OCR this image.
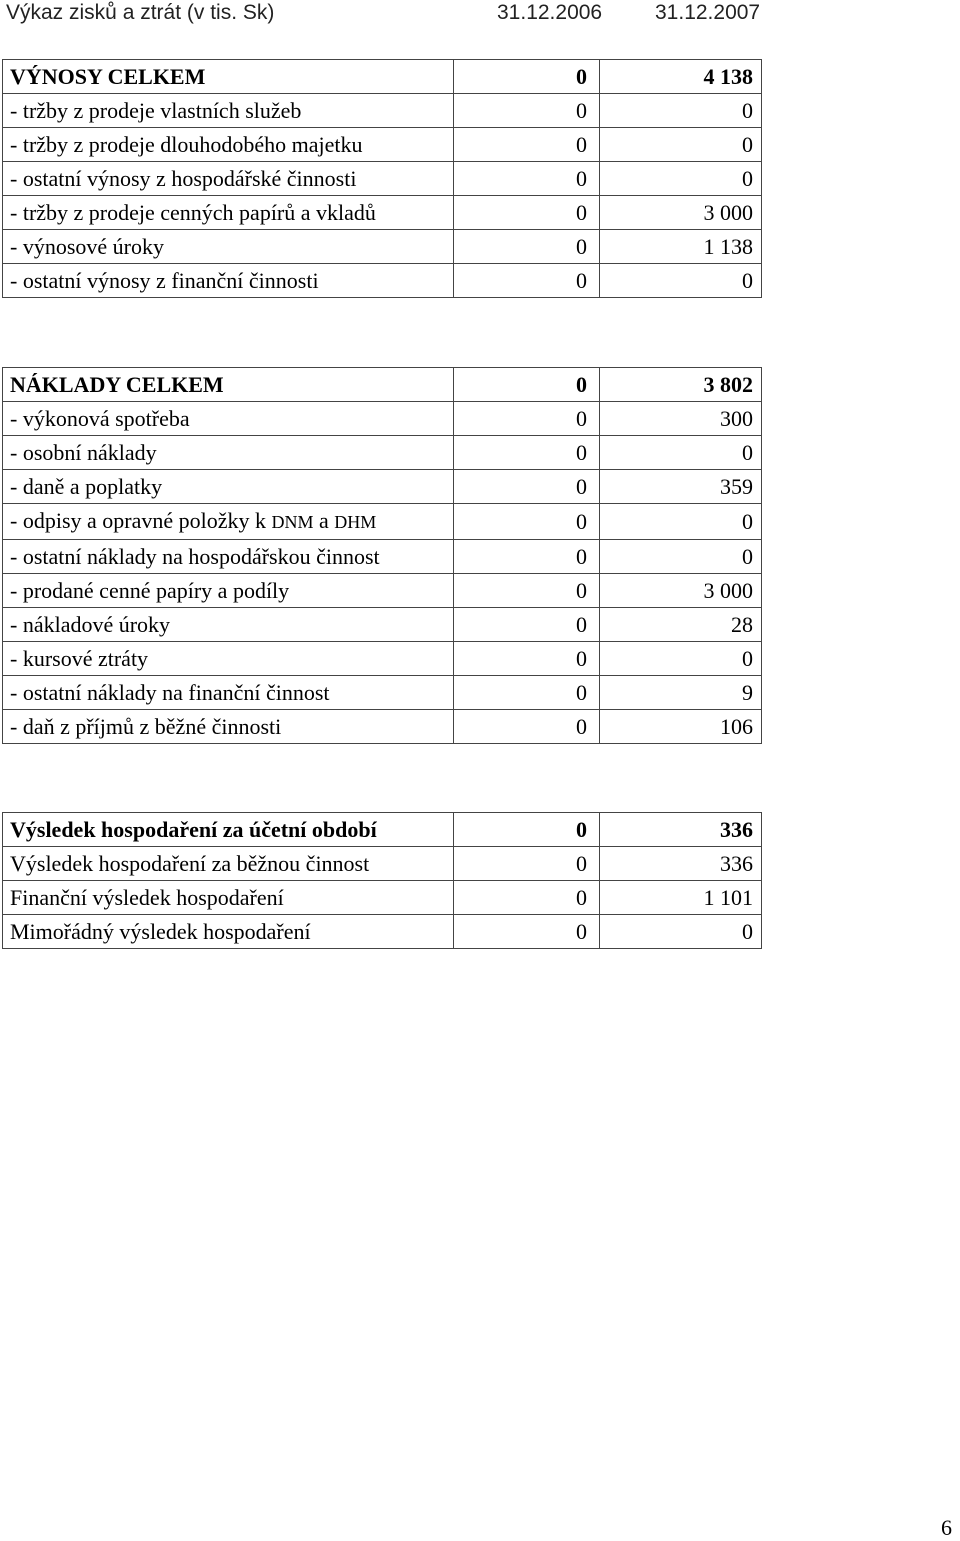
Výkaz zisků a ztrát (v tis. Sk)	31.12.2006	31.12.2007
VÝNOSY CELKEM	0	4 138
- tržby z prodeje vlastních služeb	0	0
- tržby z prodeje dlouhodobého majetku	0	0
- ostatní výnosy z hospodářské činnosti	0	0
- tržby z prodeje cenných papírů a vkladů	0	3 000
- výnosové úroky	0	1 138
- ostatní výnosy z finanční činnosti	0	0
NÁKLADY CELKEM	0	3 802
- výkonová spotřeba	0	300
- osobní náklady	0	0
- daně a poplatky	0	359
- odpisy a opravné položky k DNM a DHM	0	0
- ostatní náklady na hospodářskou činnost	0	0
- prodané cenné papíry a podíly	0	3 000
- nákladové úroky	0	28
- kursové ztráty	0	0
- ostatní náklady na finanční činnost	0	9
- daň z příjmů z běžné činnosti	0	106
Výsledek hospodaření za účetní období	0	336
Výsledek hospodaření za běžnou činnost	0	336
Finanční výsledek hospodaření	0	1 101
Mimořádný výsledek hospodaření	0	0
6
